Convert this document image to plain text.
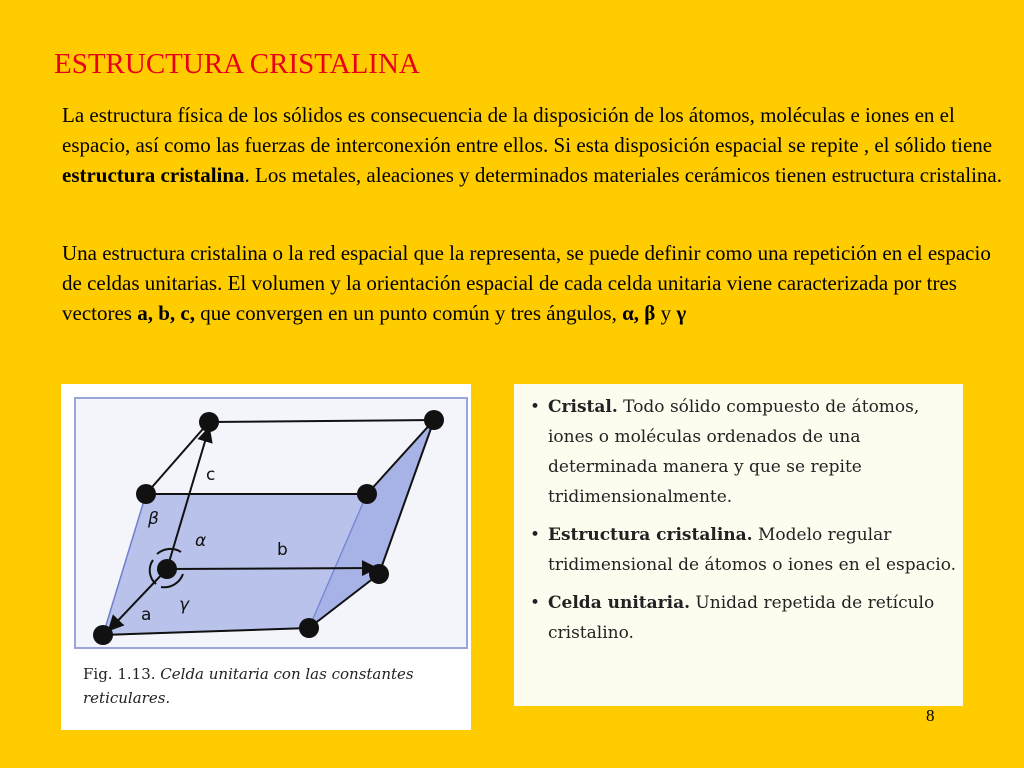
ESTRUCTURA CRISTALINA

La estructura física de los sólidos es consecuencia de la disposición de los átomos, moléculas e iones en el espacio, así como las fuerzas de interconexión entre ellos. Si esta disposición espacial se repite , el sólido tiene estructura cristalina. Los metales, aleaciones y determinados materiales cerámicos tienen estructura cristalina.

Una estructura cristalina o la red espacial que la representa, se puede definir como una repetición en el espacio de celdas unitarias. El volumen y la orientación espacial de cada celda unitaria viene caracterizada por tres vectores a, b, c, que convergen en un punto común y tres ángulos, α, β y γ

c
b
a
α
β
γ
Fig. 1.13. Celda unitaria con las constantes reticulares.
• Cristal. Todo sólido compuesto de átomos, iones o moléculas ordenados de una determinada manera y que se repite tridimensionalmente.
• Estructura cristalina. Modelo regular tridimensional de átomos o iones en el espacio.
• Celda unitaria. Unidad repetida de retículo cristalino.
8
